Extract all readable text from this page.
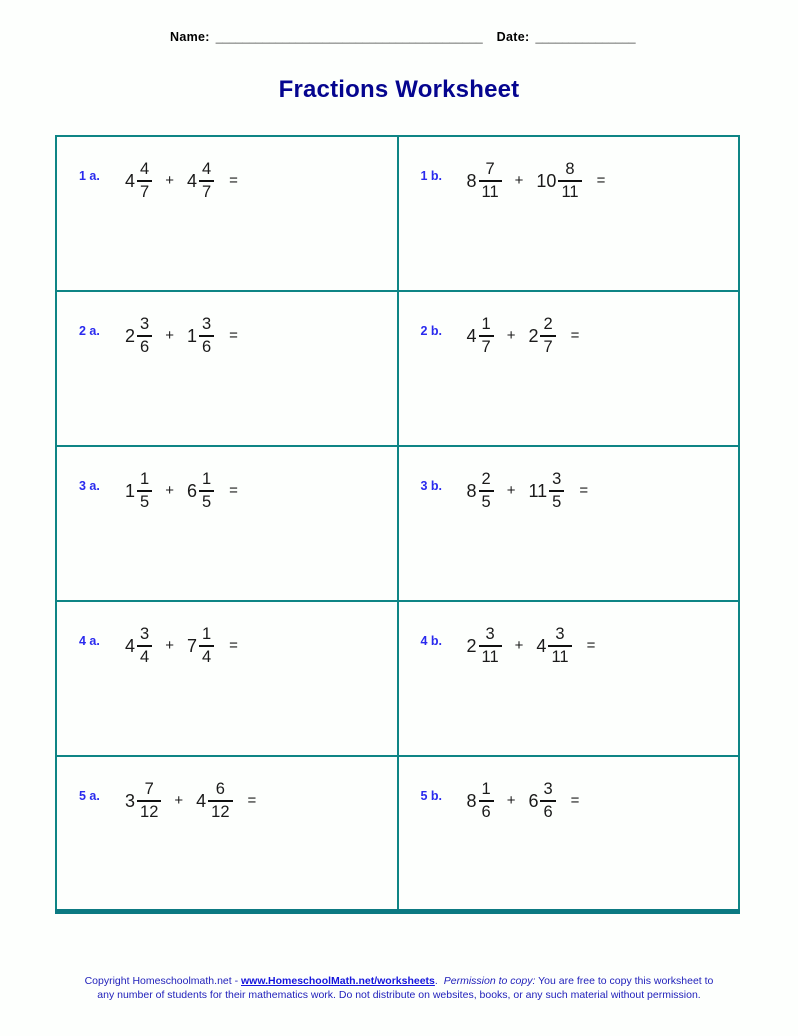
Name: ________________________________________ Date: _______________
Fractions Worksheet
1 a.	$4 \frac{4}{7} + 4 \frac{4}{7}$ =	1 b.	$8 \frac{7}{11} + 10 \frac{8}{11}$ =

2 a.	$2 \frac{3}{6} + 1 \frac{3}{6}$ =	2 b.	$4 \frac{1}{7} + 2 \frac{2}{7}$ =

3 a.	$1 \frac{1}{5} + 6 \frac{1}{5}$ =	3 b.	$8 \frac{2}{5} + 11 \frac{3}{5}$ =

4 a.	$4 \frac{3}{4} + 7 \frac{1}{4}$ =	4 b.	$2 \frac{3}{11} + 4 \frac{3}{11}$ =

5 a.	$3 \frac{7}{12} + 4 \frac{6}{12}$ =	5 b.	$8 \frac{1}{6} + 6 \frac{3}{6}$ =
Copyright Homeschoolmath.net - www.HomeschoolMath.net/worksheets. Permission to copy: You are free to copy this worksheet to any number of students for their mathematics work. Do not distribute on websites, books, or any such material without permission.
